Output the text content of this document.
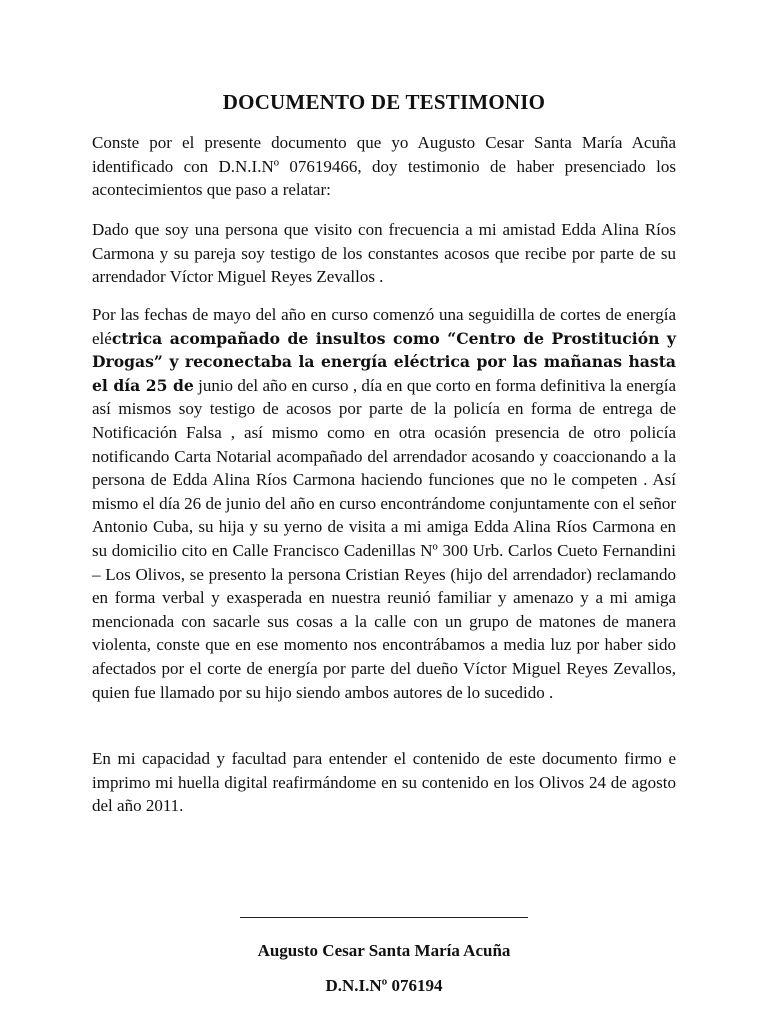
DOCUMENTO DE TESTIMONIO

Conste por el presente documento que yo Augusto Cesar Santa María Acuña identificado con D.N.I.Nº 07619466, doy testimonio de haber presenciado los acontecimientos que paso a relatar:

Dado que soy una persona que visito con frecuencia a mi amistad Edda Alina Ríos Carmona y su pareja soy testigo de los constantes acosos que recibe por parte de su arrendador Víctor Miguel Reyes Zevallos .

Por las fechas de mayo del año en curso comenzó una seguidilla de cortes de energía eléctrica acompañado de insultos como “Centro de Prostitución y Drogas” y reconectaba la energía eléctrica por las mañanas hasta el día 25 de junio del año en curso , día en que corto en forma definitiva la energía así mismos soy testigo de acosos por parte de la policía en forma de entrega de Notificación Falsa , así mismo como en otra ocasión presencia de otro policía notificando Carta Notarial acompañado del arrendador acosando y coaccionando a la persona de Edda Alina Ríos Carmona haciendo funciones que no le competen . Así mismo el día 26 de junio del año en curso encontrándome conjuntamente con el señor Antonio Cuba, su hija y su yerno de visita a mi amiga Edda Alina Ríos Carmona en su domicilio cito en Calle Francisco Cadenillas Nº 300 Urb. Carlos Cueto Fernandini – Los Olivos, se presento la persona Cristian Reyes (hijo del arrendador) reclamando en forma verbal y exasperada en nuestra reunió familiar y amenazo y a mi amiga mencionada con sacarle sus cosas a la calle con un grupo de matones de manera violenta, conste que en ese momento nos encontrábamos a media luz por haber sido afectados por el corte de energía por parte del dueño Víctor Miguel Reyes Zevallos, quien fue llamado por su hijo siendo ambos autores de lo sucedido .

En mi capacidad y facultad para entender el contenido de este documento firmo e imprimo mi huella digital reafirmándome en su contenido en los Olivos 24 de agosto del año 2011.

Augusto Cesar Santa María Acuña
D.N.I.Nº 076194
